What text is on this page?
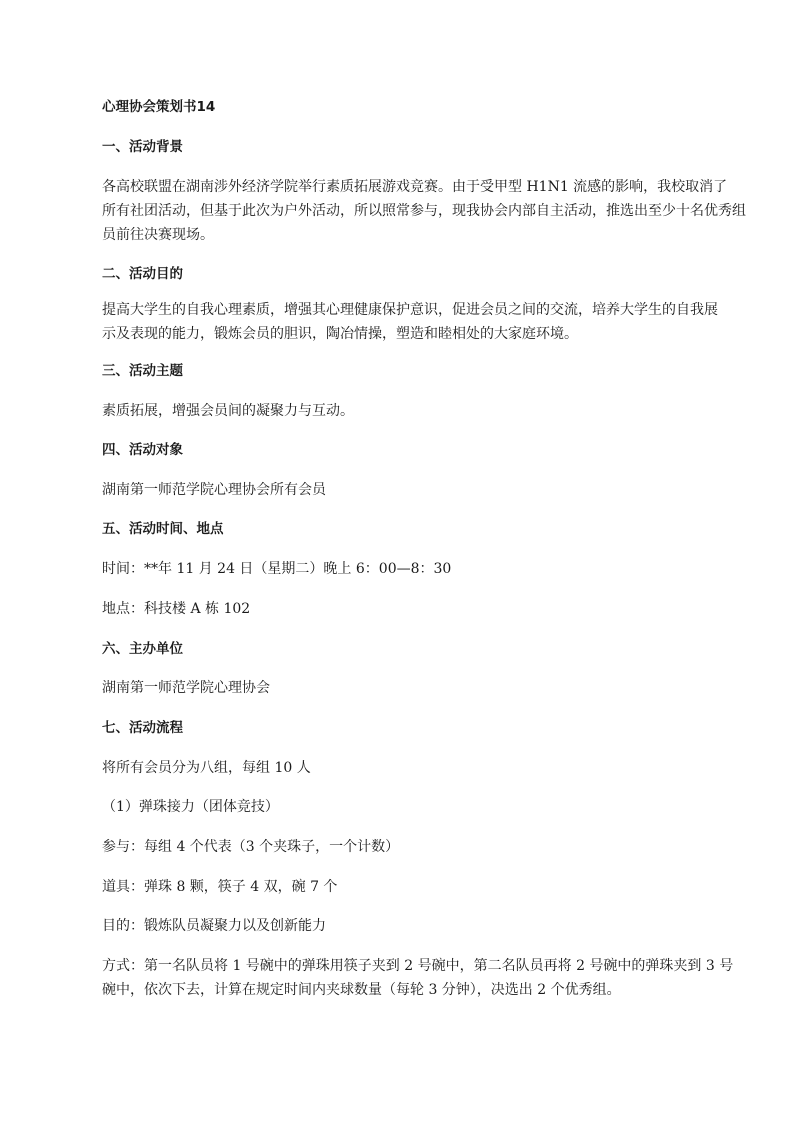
心理协会策划书14

一、活动背景

各高校联盟在湖南涉外经济学院举行素质拓展游戏竞赛。由于受甲型 H1N1 流感的影响，我校取消了

所有社团活动，但基于此次为户外活动，所以照常参与，现我协会内部自主活动，推选出至少十名优秀组

员前往决赛现场。

二、活动目的

提高大学生的自我心理素质，增强其心理健康保护意识，促进会员之间的交流，培养大学生的自我展

示及表现的能力，锻炼会员的胆识，陶冶情操，塑造和睦相处的大家庭环境。

三、活动主题

素质拓展，增强会员间的凝聚力与互动。

四、活动对象

湖南第一师范学院心理协会所有会员

五、活动时间、地点

时间：**年 11 月 24 日（星期二）晚上 6：00—8：30

地点：科技楼 A 栋 102

六、主办单位

湖南第一师范学院心理协会

七、活动流程

将所有会员分为八组，每组 10 人

（1）弹珠接力（团体竞技）

参与：每组 4 个代表（3 个夹珠子，一个计数）

道具：弹珠 8 颗，筷子 4 双，碗 7 个

目的：锻炼队员凝聚力以及创新能力

方式：第一名队员将 1 号碗中的弹珠用筷子夹到 2 号碗中，第二名队员再将 2 号碗中的弹珠夹到 3 号

碗中，依次下去，计算在规定时间内夹球数量（每轮 3 分钟），决选出 2 个优秀组。
